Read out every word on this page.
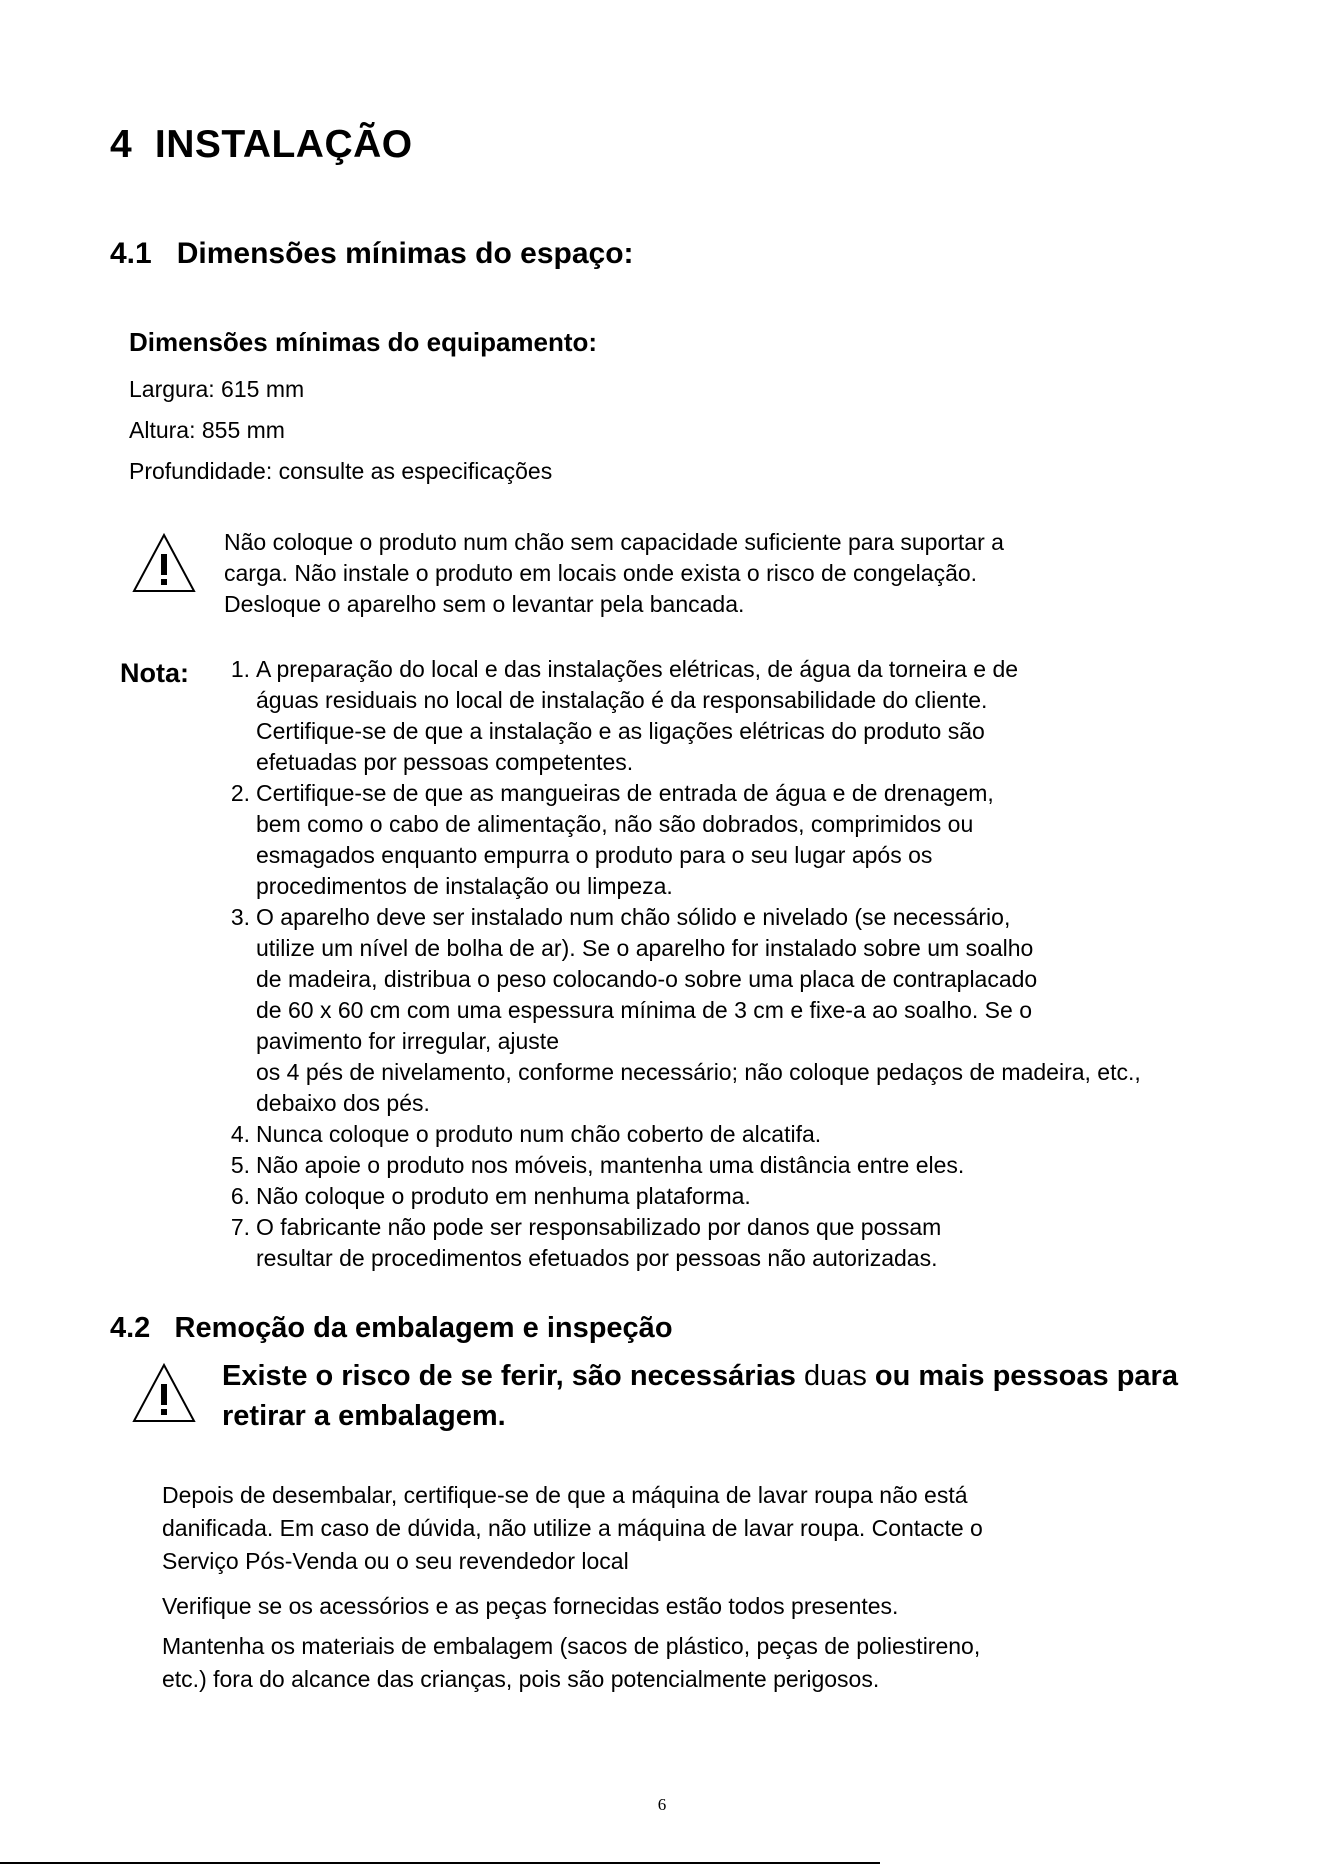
4 INSTALAÇÃO
4.1 Dimensões mínimas do espaço:
Dimensões mínimas do equipamento:
Largura: 615 mm
Altura: 855 mm
Profundidade: consulte as especificações
Não coloque o produto num chão sem capacidade suficiente para suportar a
carga. Não instale o produto em locais onde exista o risco de congelação.
Desloque o aparelho sem o levantar pela bancada.
Nota:	1. A preparação do local e das instalações elétricas, de água da torneira e de
águas residuais no local de instalação é da responsabilidade do cliente.
Certifique-se de que a instalação e as ligações elétricas do produto são
efetuadas por pessoas competentes.
2. Certifique-se de que as mangueiras de entrada de água e de drenagem,
bem como o cabo de alimentação, não são dobrados, comprimidos ou
esmagados enquanto empurra o produto para o seu lugar após os
procedimentos de instalação ou limpeza.
3. O aparelho deve ser instalado num chão sólido e nivelado (se necessário,
utilize um nível de bolha de ar). Se o aparelho for instalado sobre um soalho
de madeira, distribua o peso colocando-o sobre uma placa de contraplacado
de 60 x 60 cm com uma espessura mínima de 3 cm e fixe-a ao soalho. Se o
pavimento for irregular, ajuste
os 4 pés de nivelamento, conforme necessário; não coloque pedaços de madeira, etc.,
debaixo dos pés.
4. Nunca coloque o produto num chão coberto de alcatifa.
5. Não apoie o produto nos móveis, mantenha uma distância entre eles.
6. Não coloque o produto em nenhuma plataforma.
7. O fabricante não pode ser responsabilizado por danos que possam
resultar de procedimentos efetuados por pessoas não autorizadas.
4.2 Remoção da embalagem e inspeção
Existe o risco de se ferir, são necessárias duas ou mais pessoas para
retirar a embalagem.
Depois de desembalar, certifique-se de que a máquina de lavar roupa não está
danificada. Em caso de dúvida, não utilize a máquina de lavar roupa. Contacte o
Serviço Pós-Venda ou o seu revendedor local
Verifique se os acessórios e as peças fornecidas estão todos presentes.
Mantenha os materiais de embalagem (sacos de plástico, peças de poliestireno,
etc.) fora do alcance das crianças, pois são potencialmente perigosos.
6
